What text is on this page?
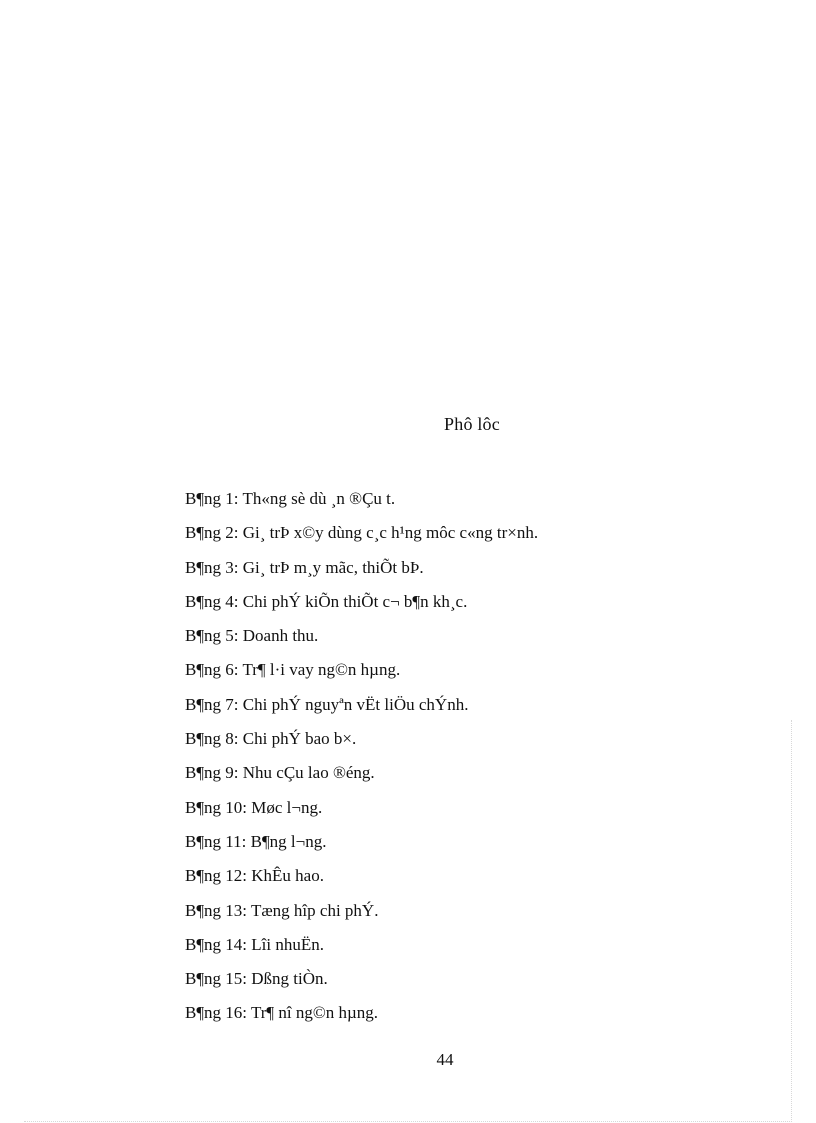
Phô lôc
B¶ng 1: Th«ng sè dù ¸n ®Çu t.
B¶ng 2: Gi¸ trÞ x©y dùng c¸c h¹ng môc c«ng tr×nh.
B¶ng 3: Gi¸ trÞ m¸y mãc, thiÕt bÞ.
B¶ng 4: Chi phÝ kiÕn thiÕt c¬ b¶n kh¸c.
B¶ng 5: Doanh thu.
B¶ng 6: Tr¶ l·i vay ng©n hµng.
B¶ng 7: Chi phÝ nguyªn vËt liÖu chÝnh.
B¶ng 8: Chi phÝ bao b×.
B¶ng 9: Nhu cÇu lao ®éng.
B¶ng 10: Møc l¬ng.
B¶ng 11: B¶ng l¬ng.
B¶ng 12: KhÊu hao.
B¶ng 13: Tæng hîp chi phÝ.
B¶ng 14: Lîi nhuËn.
B¶ng 15: Dßng tiÒn.
B¶ng 16: Tr¶ nî ng©n hµng.
44
